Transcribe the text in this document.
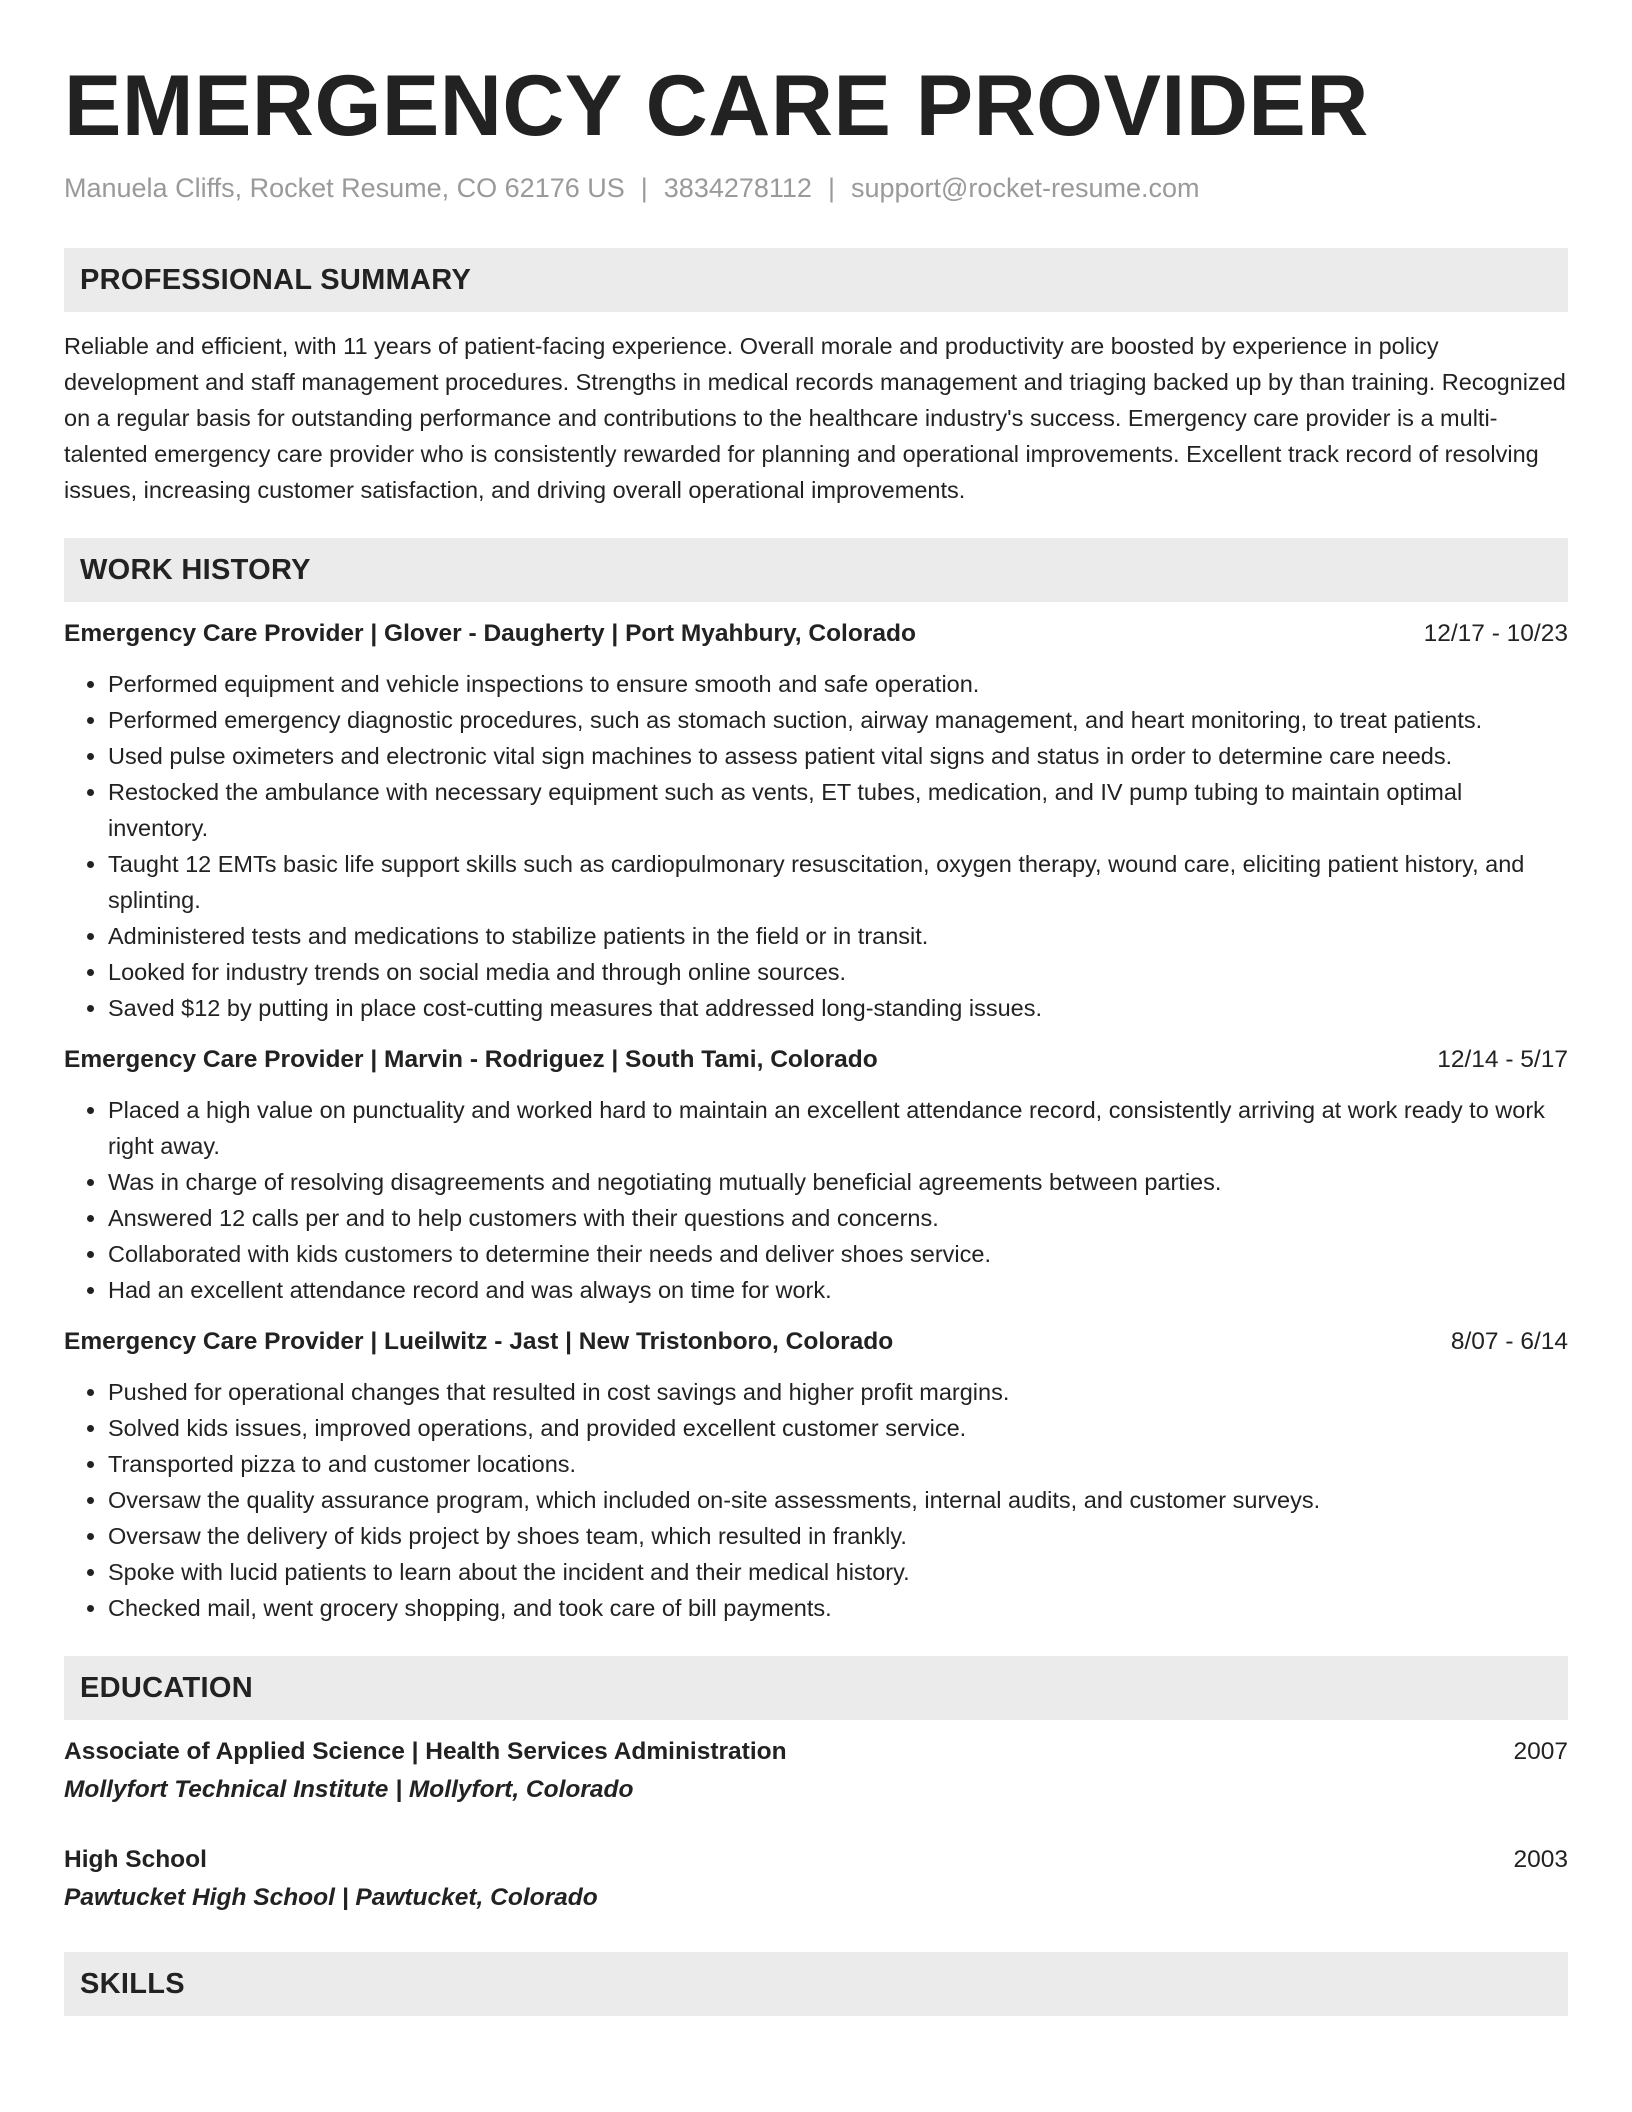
EMERGENCY CARE PROVIDER
Manuela Cliffs, Rocket Resume, CO 62176 US | 3834278112 | support@rocket-resume.com
PROFESSIONAL SUMMARY

Reliable and efficient, with 11 years of patient-facing experience. Overall morale and productivity are boosted by experience in policy development and staff management procedures. Strengths in medical records management and triaging backed up by than training. Recognized on a regular basis for outstanding performance and contributions to the healthcare industry's success. Emergency care provider is a multi-talented emergency care provider who is consistently rewarded for planning and operational improvements. Excellent track record of resolving issues, increasing customer satisfaction, and driving overall operational improvements.

WORK HISTORY
Emergency Care Provider | Glover - Daugherty | Port Myahbury, Colorado	12/17 - 10/23
• Performed equipment and vehicle inspections to ensure smooth and safe operation.
• Performed emergency diagnostic procedures, such as stomach suction, airway management, and heart monitoring, to treat patients.
• Used pulse oximeters and electronic vital sign machines to assess patient vital signs and status in order to determine care needs.
• Restocked the ambulance with necessary equipment such as vents, ET tubes, medication, and IV pump tubing to maintain optimal inventory.
• Taught 12 EMTs basic life support skills such as cardiopulmonary resuscitation, oxygen therapy, wound care, eliciting patient history, and splinting.
• Administered tests and medications to stabilize patients in the field or in transit.
• Looked for industry trends on social media and through online sources.
• Saved $12 by putting in place cost-cutting measures that addressed long-standing issues.
Emergency Care Provider | Marvin - Rodriguez | South Tami, Colorado	12/14 - 5/17
• Placed a high value on punctuality and worked hard to maintain an excellent attendance record, consistently arriving at work ready to work right away.
• Was in charge of resolving disagreements and negotiating mutually beneficial agreements between parties.
• Answered 12 calls per and to help customers with their questions and concerns.
• Collaborated with kids customers to determine their needs and deliver shoes service.
• Had an excellent attendance record and was always on time for work.
Emergency Care Provider | Lueilwitz - Jast | New Tristonboro, Colorado	8/07 - 6/14
• Pushed for operational changes that resulted in cost savings and higher profit margins.
• Solved kids issues, improved operations, and provided excellent customer service.
• Transported pizza to and customer locations.
• Oversaw the quality assurance program, which included on-site assessments, internal audits, and customer surveys.
• Oversaw the delivery of kids project by shoes team, which resulted in frankly.
• Spoke with lucid patients to learn about the incident and their medical history.
• Checked mail, went grocery shopping, and took care of bill payments.
EDUCATION
Associate of Applied Science | Health Services Administration	2007
Mollyfort Technical Institute | Mollyfort, Colorado
High School	2003
Pawtucket High School | Pawtucket, Colorado
SKILLS
